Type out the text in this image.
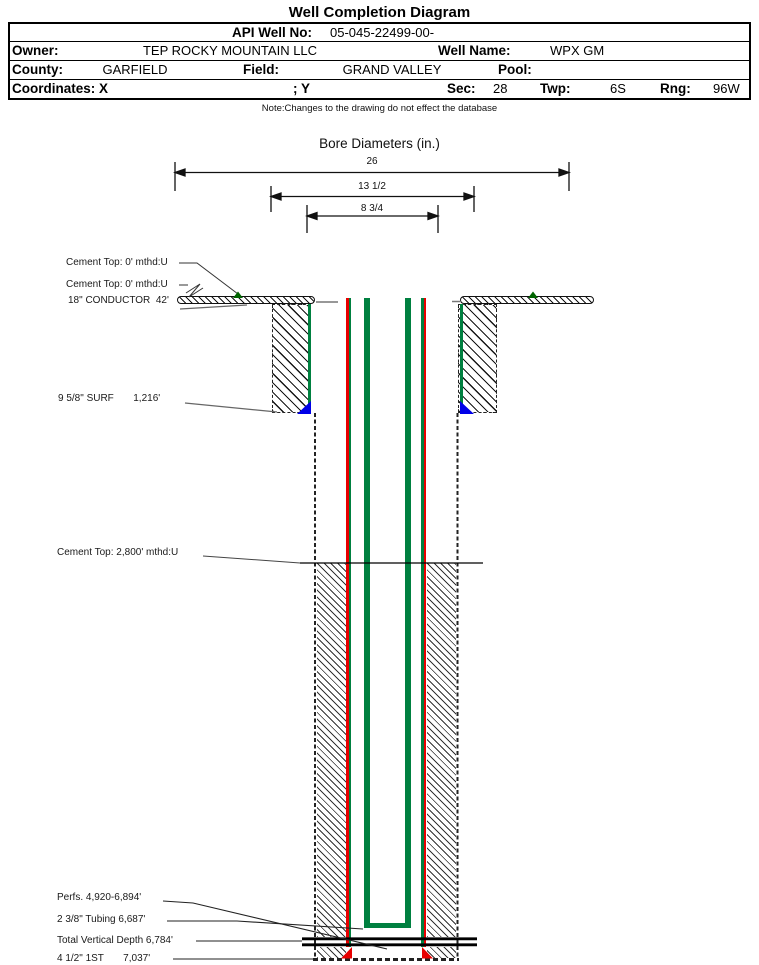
Well Completion Diagram
API Well No: 05-045-22499-00-
Owner:	TEP ROCKY MOUNTAIN LLC	Well Name:	WPX GM
County:	GARFIELD	Field:	GRAND VALLEY	Pool:
Coordinates: X	; Y	Sec: 28 Twp:	6S	Rng: 96W
Note:Changes to the drawing do not effect the database
Bore Diameters (in.)
26
13 1/2
8 3/4
Cement Top: 0' mthd:U
Cement Top: 0' mthd:U
18" CONDUCTOR  42'
9 5/8" SURF       1,216'
Cement Top: 2,800' mthd:U
Perfs. 4,920-6,894'
2 3/8" Tubing 6,687'
Total Vertical Depth 6,784'
4 1/2" 1ST       7,037'
